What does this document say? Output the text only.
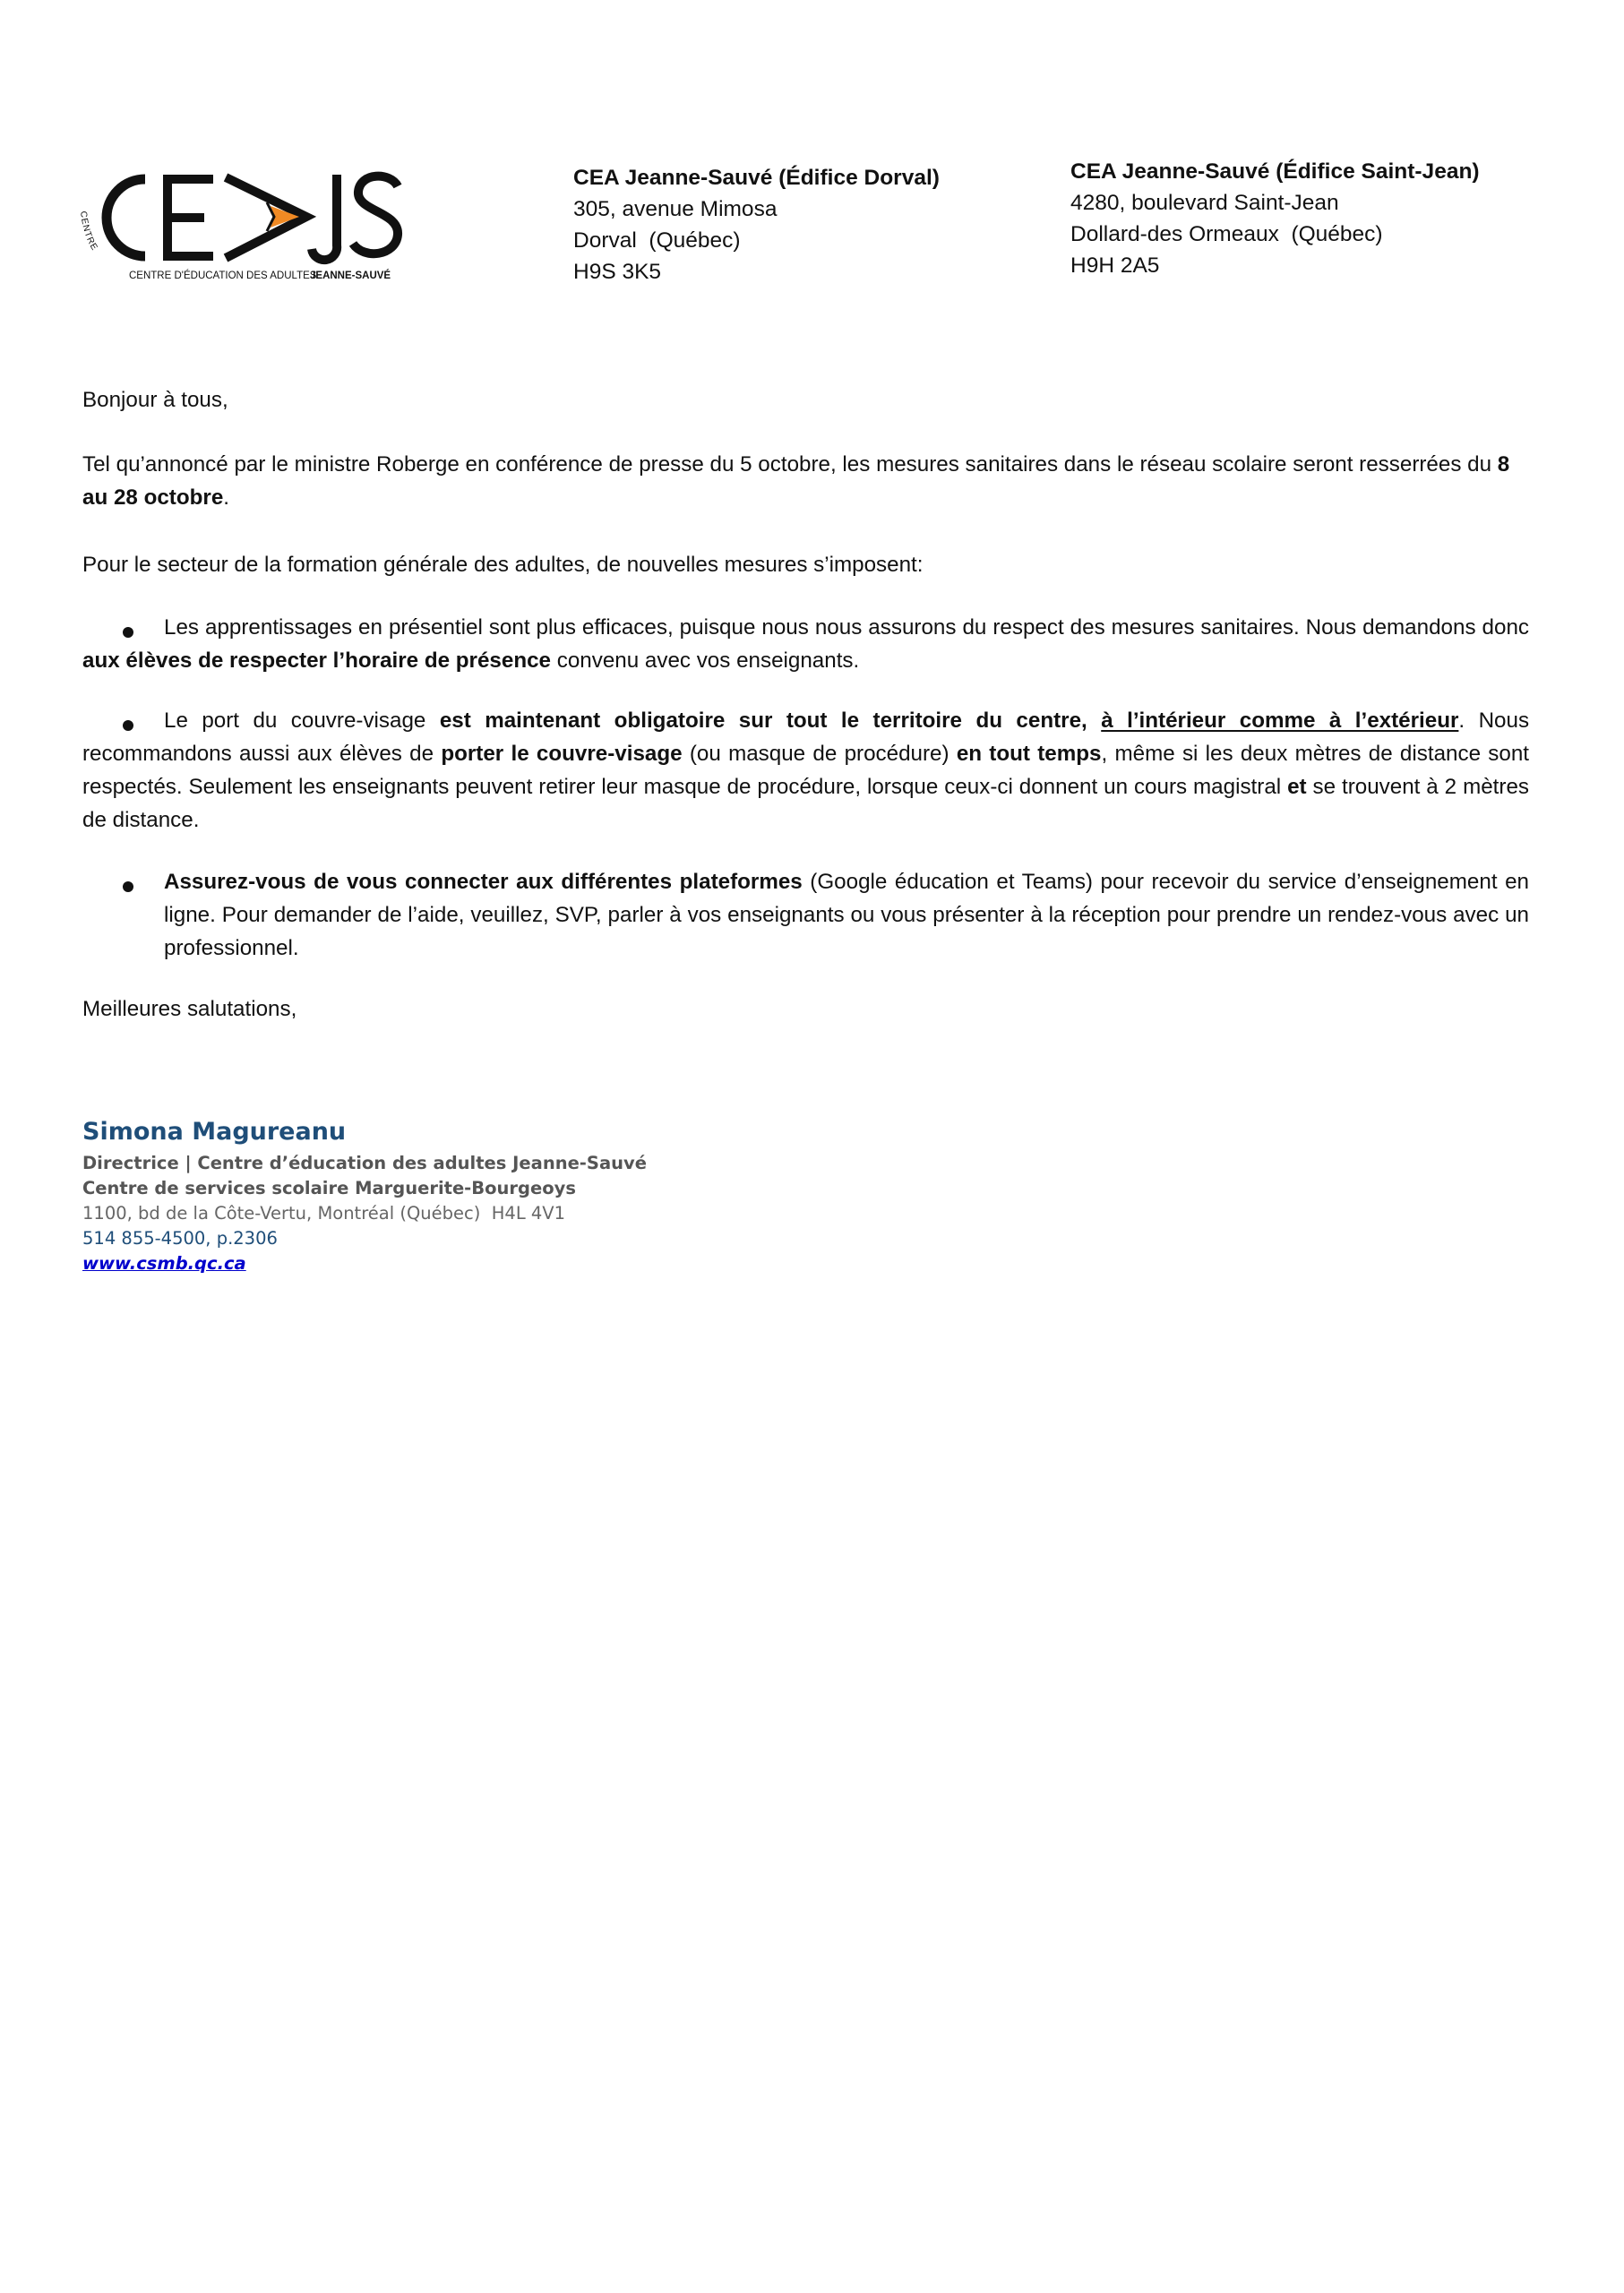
CENTRE
CENTRE D'ÉDUCATION DES ADULTES
JEANNE-SAUVÉ
CEA Jeanne-Sauvé (Édifice Dorval)
305, avenue Mimosa
Dorval  (Québec)
H9S 3K5
CEA Jeanne-Sauvé (Édifice Saint-Jean)
4280, boulevard Saint-Jean
Dollard-des Ormeaux  (Québec)
H9H 2A5
Bonjour à tous,
Tel qu’annoncé par le ministre Roberge en conférence de presse du 5 octobre, les mesures sanitaires dans le réseau scolaire seront resserrées du 8 au 28 octobre.
Pour le secteur de la formation générale des adultes, de nouvelles mesures s’imposent:
Les apprentissages en présentiel sont plus efficaces, puisque nous nous assurons du respect des mesures sanitaires. Nous demandons donc aux élèves de respecter l’horaire de présence convenu avec vos enseignants.
Le port du couvre-visage est maintenant obligatoire sur tout le territoire du centre, à l’intérieur comme à l’extérieur. Nous recommandons aussi aux élèves de porter le couvre-visage (ou masque de procédure) en tout temps, même si les deux mètres de distance sont respectés. Seulement les enseignants peuvent retirer leur masque de procédure, lorsque ceux-ci donnent un cours magistral et se trouvent à 2 mètres de distance.
Assurez-vous de vous connecter aux différentes plateformes (Google éducation et Teams) pour recevoir du service d’enseignement en ligne. Pour demander de l’aide, veuillez, SVP, parler à vos enseignants ou vous présenter à la réception pour prendre un rendez-vous avec un professionnel.
Meilleures salutations,
Simona Magureanu
Directrice | Centre d’éducation des adultes Jeanne-Sauvé
Centre de services scolaire Marguerite-Bourgeoys
1100, bd de la Côte-Vertu, Montréal (Québec)  H4L 4V1
514 855-4500, p.2306
www.csmb.qc.ca
